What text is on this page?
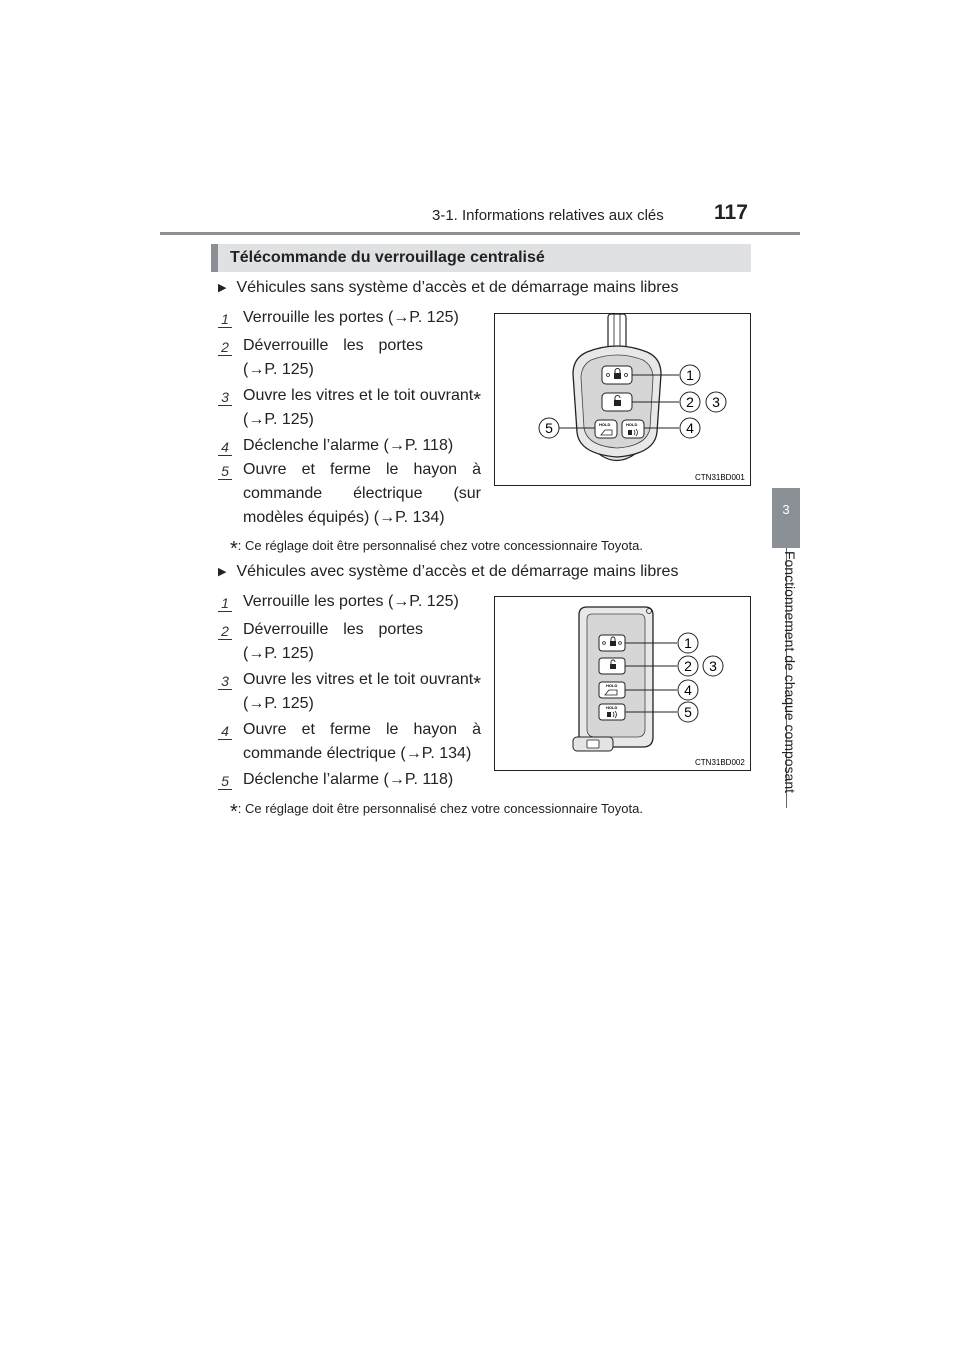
3-1. Informations relatives aux clés 117
3
Fonctionnement de chaque composant
Télécommande du verrouillage centralisé
▶ Véhicules sans système d’accès et de démarrage mains libres
1 Verrouille les portes (→P. 125)
2 Déverrouille les portes (→P. 125)
3 Ouvre les vitres et le toit ouvrant* (→P. 125)
4 Déclenche l’alarme (→P. 118)
5 Ouvre et ferme le hayon à commande électrique (sur modèles équipés) (→P. 134)
*: Ce réglage doit être personnalisé chez votre concessionnaire Toyota.
HOLD	HOLD
1
2 3
4
5
CTN31BD001
▶ Véhicules avec système d’accès et de démarrage mains libres
1 Verrouille les portes (→P. 125)
2 Déverrouille les portes (→P. 125)
3 Ouvre les vitres et le toit ouvrant* (→P. 125)
4 Ouvre et ferme le hayon à commande électrique (→P. 134)
5 Déclenche l’alarme (→P. 118)
*: Ce réglage doit être personnalisé chez votre concessionnaire Toyota.
HOLD
HOLD
1
2 3
4
5
CTN31BD002
